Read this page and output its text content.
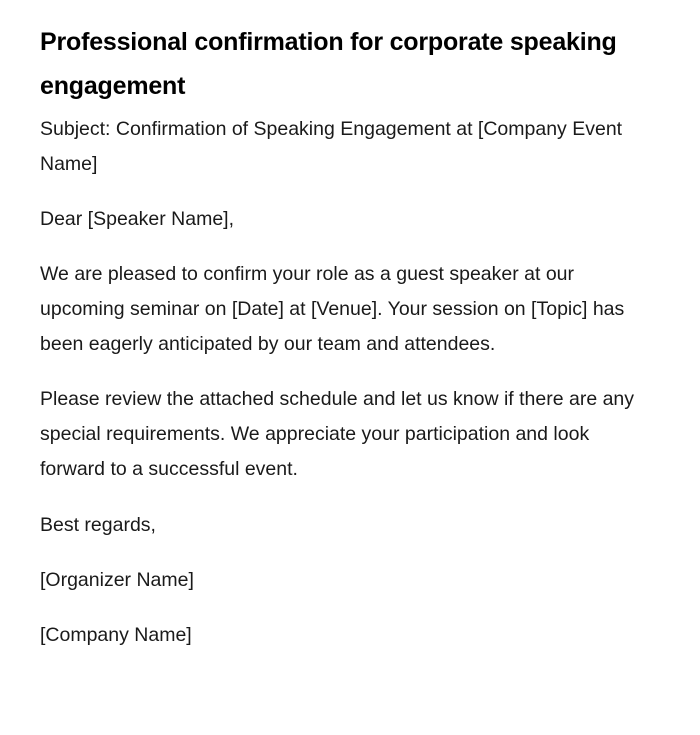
Professional confirmation for corporate speaking engagement

Subject: Confirmation of Speaking Engagement at [Company Event Name]

Dear [Speaker Name],

We are pleased to confirm your role as a guest speaker at our upcoming seminar on [Date] at [Venue]. Your session on [Topic] has been eagerly anticipated by our team and attendees.

Please review the attached schedule and let us know if there are any special requirements. We appreciate your participation and look forward to a successful event.

Best regards,

[Organizer Name]

[Company Name]
